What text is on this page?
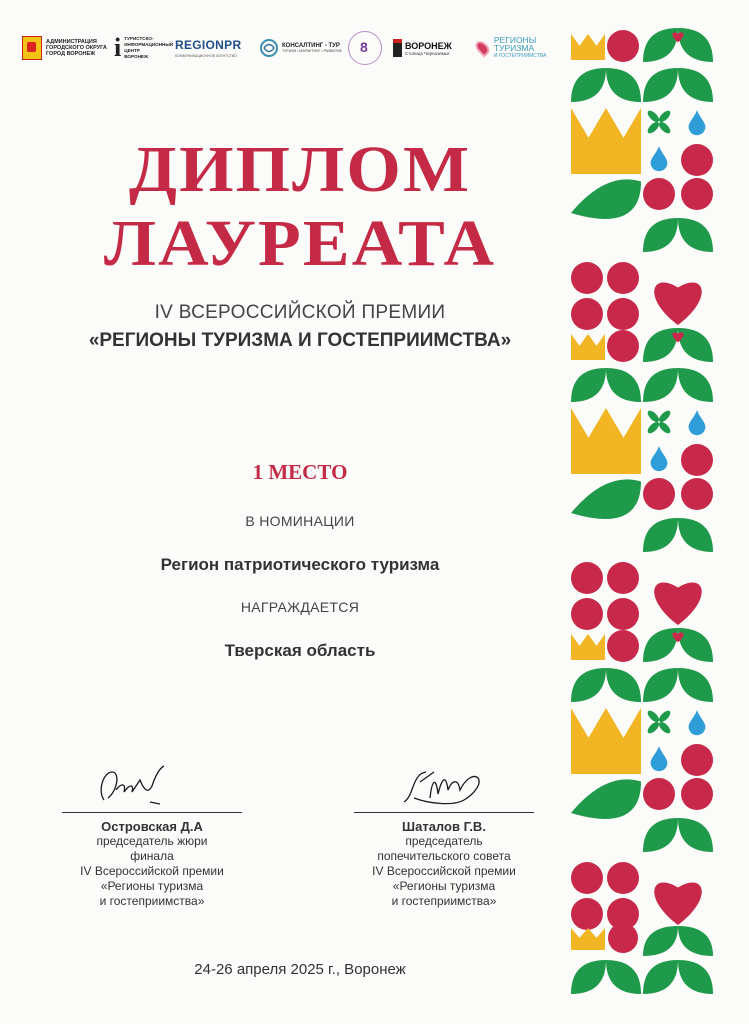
АДМИНИСТРАЦИЯ
ГОРОДСКОГО ОКРУГА
ГОРОД ВОРОНЕЖ i ТУРИСТСКО-
ИНФОРМАЦИОННЫЙ
ЦЕНТР
ВОРОНЕЖ
REGIONPR
КОММУНИКАЦИОННОЕ АГЕНТСТВО
КОНСАЛТИНГ - ТУР
ТУРИЗМ • МАРКЕТИНГ • РАЗВИТИЕ
8
ВОРОНЕЖ
Столица Черноземья
РЕГИОНЫ ТУРИЗМА
И ГОСТЕПРИИМСТВА
ДИПЛОМ
ЛАУРЕАТА
IV ВСЕРОССИЙСКОЙ ПРЕМИИ
«РЕГИОНЫ ТУРИЗМА И ГОСТЕПРИИМСТВА»
1 МЕСТО
В НОМИНАЦИИ
Регион патриотического туризма
НАГРАЖДАЕТСЯ
Тверская область
Островская Д.А
председатель жюри
финала
IV Всероссийской премии
«Регионы туризма
и гостеприимства»
Шаталов Г.В.
председатель
попечительского совета
IV Всероссийской премии
«Регионы туризма
и гостеприимства»
24-26 апреля 2025 г., Воронеж
